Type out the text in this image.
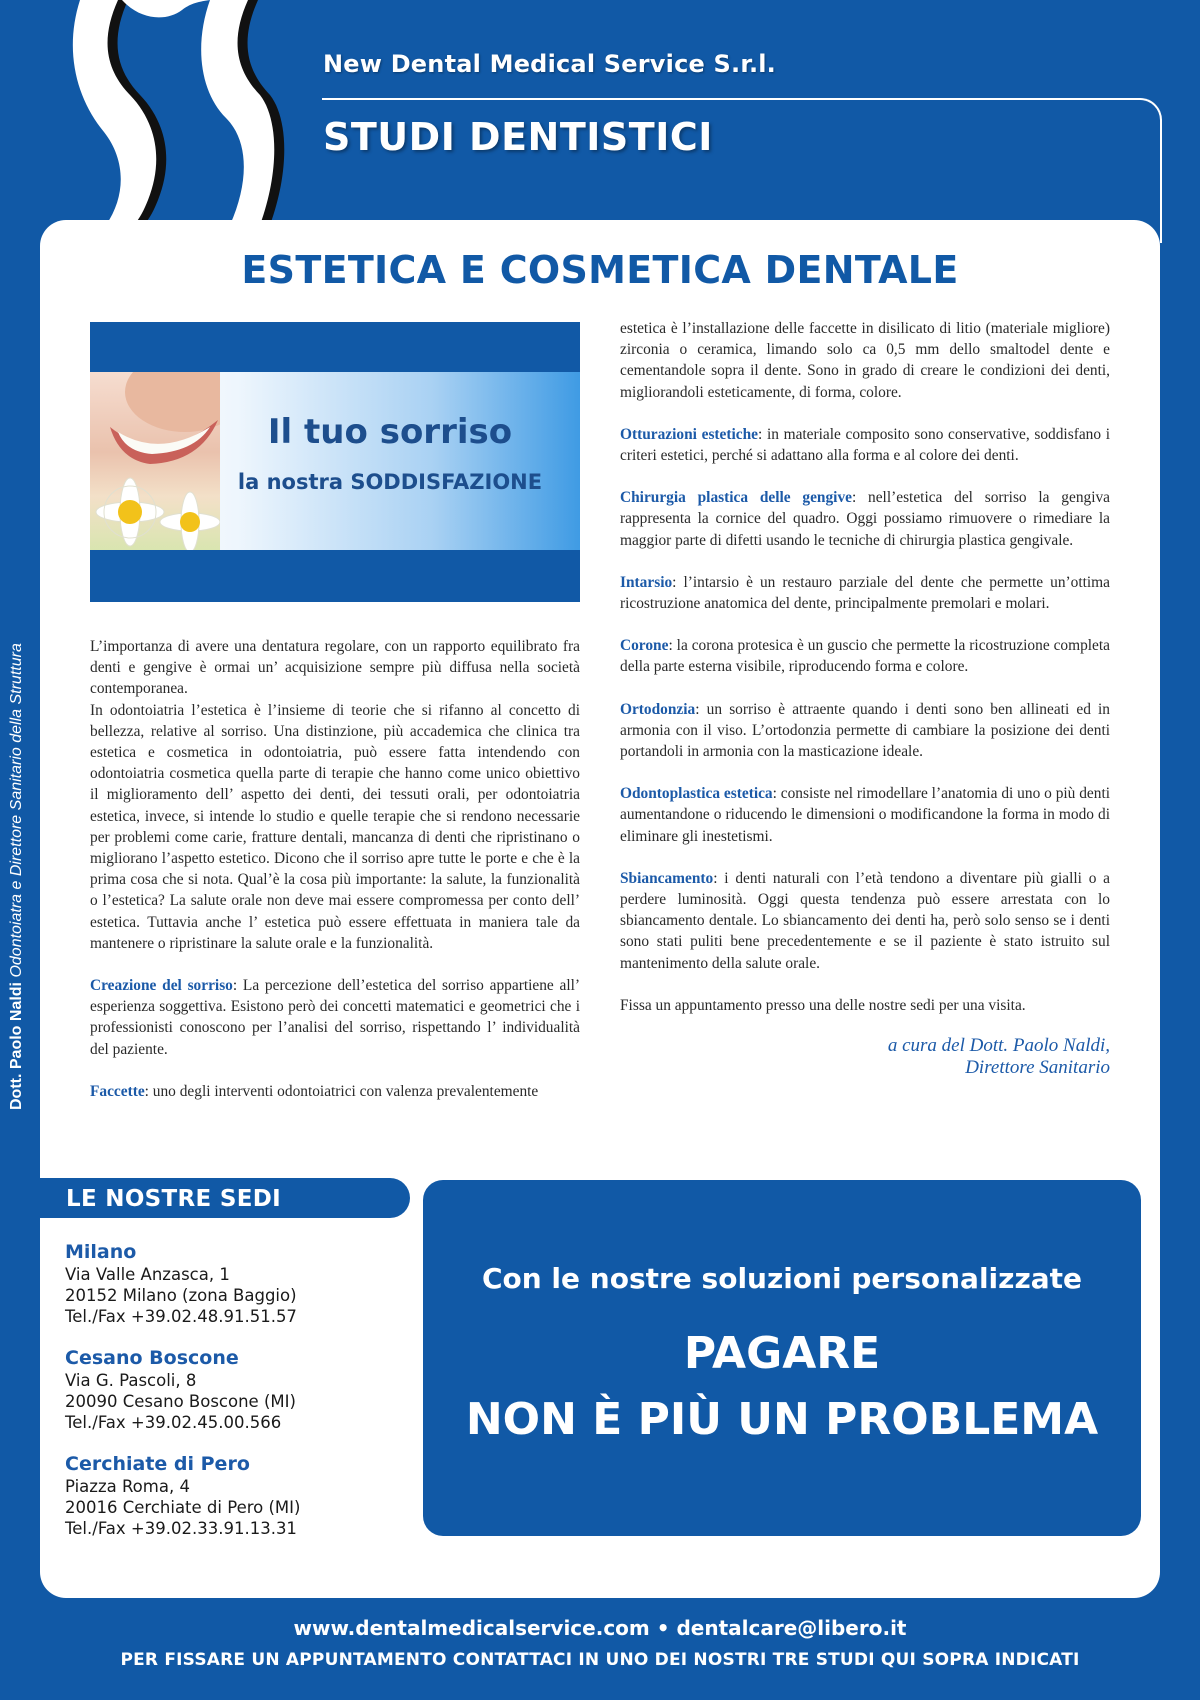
New Dental Medical Service S.r.l.
STUDI DENTISTICI
Dott. Paolo Naldi Odontoiatra e Direttore Sanitario della Struttura
ESTETICA E COSMETICA DENTALE
Il tuo sorriso
la nostra SODDISFAZIONE

L’importanza di avere una dentatura regolare, con un rapporto equilibrato fra denti e gengive è ormai un’ acquisizione sempre più diffusa nella società contemporanea.

In odontoiatria l’estetica è l’insieme di teorie che si rifanno al concetto di bellezza, relative al sorriso. Una distinzione, più accademica che clinica tra estetica e cosmetica in odontoiatria, può essere fatta intendendo con odontoiatria cosmetica quella parte di terapie che hanno come unico obiettivo il miglioramento dell’ aspetto dei denti, dei tessuti orali, per odontoiatria estetica, invece, si intende lo studio e quelle terapie che si rendono necessarie per problemi come carie, fratture dentali, mancanza di denti che ripristinano o migliorano l’aspetto estetico. Dicono che il sorriso apre tutte le porte e che è la prima cosa che si nota. Qual’è la cosa più importante: la salute, la funzionalità o l’estetica? La salute orale non deve mai essere compromessa per conto dell’ estetica. Tuttavia anche l’ estetica può essere effettuata in maniera tale da mantenere o ripristinare la salute orale e la funzionalità.

Creazione del sorriso: La percezione dell’estetica del sorriso appartiene all’ esperienza soggettiva. Esistono però dei concetti matematici e geometrici che i professionisti conoscono per l’analisi del sorriso, rispettando l’ individualità del paziente.

Faccette: uno degli interventi odontoiatrici con valenza prevalentemente

estetica è l’installazione delle faccette in disilicato di litio (materiale migliore) zirconia o ceramica, limando solo ca 0,5 mm dello smaltodel dente e cementandole sopra il dente. Sono in grado di creare le condizioni dei denti, migliorandoli esteticamente, di forma, colore.

Otturazioni estetiche: in materiale composito sono conservative, soddisfano i criteri estetici, perché si adattano alla forma e al colore dei denti.

Chirurgia plastica delle gengive: nell’estetica del sorriso la gengiva rappresenta la cornice del quadro. Oggi possiamo rimuovere o rimediare la maggior parte di difetti usando le tecniche di chirurgia plastica gengivale.

Intarsio: l’intarsio è un restauro parziale del dente che permette un’ottima ricostruzione anatomica del dente, principalmente premolari e molari.

Corone: la corona protesica è un guscio che permette la ricostruzione completa della parte esterna visibile, riproducendo forma e colore.

Ortodonzia: un sorriso è attraente quando i denti sono ben allineati ed in armonia con il viso. L’ortodonzia permette di cambiare la posizione dei denti portandoli in armonia con la masticazione ideale.

Odontoplastica estetica: consiste nel rimodellare l’anatomia di uno o più denti aumentandone o riducendo le dimensioni o modificandone la forma in modo di eliminare gli inestetismi.

Sbiancamento: i denti naturali con l’età tendono a diventare più gialli o a perdere luminosità. Oggi questa tendenza può essere arrestata con lo sbiancamento dentale. Lo sbiancamento dei denti ha, però solo senso se i denti sono stati puliti bene precedentemente e se il paziente è stato istruito sul mantenimento della salute orale.

Fissa un appuntamento presso una delle nostre sedi per una visita.

a cura del Dott. Paolo Naldi,
Direttore Sanitario
LE NOSTRE SEDI
Milano
Via Valle Anzasca, 1
20152 Milano (zona Baggio)
Tel./Fax +39.02.48.91.51.57
Cesano Boscone
Via G. Pascoli, 8
20090 Cesano Boscone (MI)
Tel./Fax +39.02.45.00.566
Cerchiate di Pero
Piazza Roma, 4
20016 Cerchiate di Pero (MI)
Tel./Fax +39.02.33.91.13.31
Con le nostre soluzioni personalizzate
PAGARE
NON È PIÙ UN PROBLEMA
www.dentalmedicalservice.com • dentalcare@libero.it
PER FISSARE UN APPUNTAMENTO CONTATTACI IN UNO DEI NOSTRI TRE STUDI QUI SOPRA INDICATI
